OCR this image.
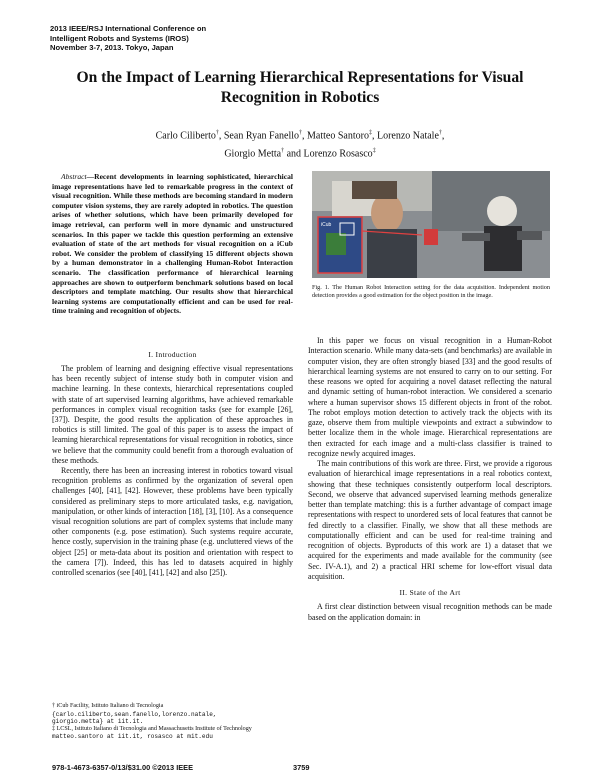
2013 IEEE/RSJ International Conference on
Intelligent Robots and Systems (IROS)
November 3-7, 2013. Tokyo, Japan
On the Impact of Learning Hierarchical Representations for Visual Recognition in Robotics
Carlo Ciliberto†, Sean Ryan Fanello†, Matteo Santoro‡, Lorenzo Natale†,
Giorgio Metta† and Lorenzo Rosasco‡

Abstract—Recent developments in learning sophisticated, hierarchical image representations have led to remarkable progress in the context of visual recognition. While these methods are becoming standard in modern computer vision systems, they are rarely adopted in robotics. The question arises of whether solutions, which have been primarily developed for image retrieval, can perform well in more dynamic and unstructured scenarios. In this paper we tackle this question performing an extensive evaluation of state of the art methods for visual recognition on a iCub robot. We consider the problem of classifying 15 different objects shown by a human demonstrator in a challenging Human-Robot Interaction scenario. The classification performance of hierarchical learning approaches are shown to outperform benchmark solutions based on local descriptors and template matching. Our results show that hierarchical learning systems are computationally efficient and can be used for real-time training and recognition of objects.

I. Introduction

The problem of learning and designing effective visual representations has been recently subject of intense study both in computer vision and machine learning. In these contexts, hierarchical representations coupled with state of art supervised learning algorithms, have achieved remarkable performances in complex visual recognition tasks (see for example [26], [37]). Despite, the good results the application of these approaches in robotics is still limited. The goal of this paper is to assess the impact of learning hierarchical representations for visual recognition in robotics, since we believe that the community could benefit from a thorough evaluation of these methods.

Recently, there has been an increasing interest in robotics toward visual recognition problems as confirmed by the organization of several open challenges [40], [41], [42]. However, these problems have been typically considered as preliminary steps to more articulated tasks, e.g. navigation, manipulation, or other kinds of interaction [18], [3], [10]. As a consequence visual recognition solutions are part of complex systems that include many other components (e.g. pose estimation). Such systems require accurate, hence costly, supervision in the training phase (e.g. uncluttered views of the object [25] or meta-data about its position and orientation with respect to the camera [7]). Indeed, this has led to datasets acquired in highly controlled scenarios (see [40], [41], [42] and also [25]).

† iCub Facility, Istituto Italiano di Tecnologia
{carlo.ciliberto,sean.fanello,lorenzo.natale,
giorgio.metta} at iit.it.
‡ LCSL, Istituto Italiano di Tecnologia and Massachusetts Institute of Technology
matteo.santoro at iit.it, rosasco at mit.edu
iCub
Fig. 1. The Human Robot Interaction setting for the data acquisition. Independent motion detection provides a good estimation for the object position in the image.

In this paper we focus on visual recognition in a Human-Robot Interaction scenario. While many data-sets (and benchmarks) are available in computer vision, they are often strongly biased [33] and the good results of hierarchical learning systems are not ensured to carry on to our setting. For these reasons we opted for acquiring a novel dataset reflecting the natural and dynamic setting of human-robot interaction. We considered a scenario where a human supervisor shows 15 different objects in front of the robot. The robot employs motion detection to actively track the objects with its gaze, observe them from multiple viewpoints and extract a subwindow to better localize them in the whole image. Hierarchical representations are then extracted for each image and a multi-class classifier is trained to recognize newly acquired images.

The main contributions of this work are three. First, we provide a rigorous evaluation of hierarchical image representations in a real robotics context, showing that these techniques consistently outperform local descriptors. Second, we observe that advanced supervised learning methods generalize better than template matching: this is a further advantage of compact image representations with respect to unordered sets of local features that cannot be fed directly to a classifier. Finally, we show that all these methods are computationally efficient and can be used for real-time training and recognition of objects. Byproducts of this work are 1) a dataset that we acquired for the experiments and made available for the community (see Sec. IV-A.1), and 2) a practical HRI scheme for low-effort visual data acquisition.

II. State of the Art

A first clear distinction between visual recognition methods can be made based on the application domain: in

978-1-4673-6357-0/13/$31.00 ©2013 IEEE	3759
